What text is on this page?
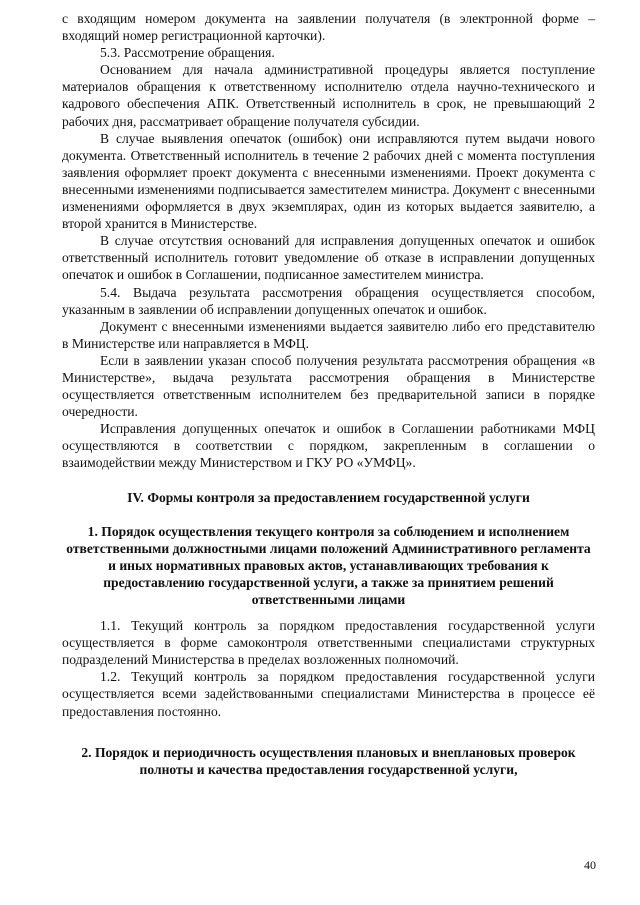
с входящим номером документа на заявлении получателя (в электронной форме – входящий номер регистрационной карточки).

5.3. Рассмотрение обращения.

Основанием для начала административной процедуры является поступление материалов обращения к ответственному исполнителю отдела научно-технического и кадрового обеспечения АПК. Ответственный исполнитель в срок, не превышающий 2 рабочих дня, рассматривает обращение получателя субсидии.

В случае выявления опечаток (ошибок) они исправляются путем выдачи нового документа. Ответственный исполнитель в течение 2 рабочих дней с момента поступления заявления оформляет проект документа с внесенными изменениями. Проект документа с внесенными изменениями подписывается заместителем министра. Документ с внесенными изменениями оформляется в двух экземплярах, один из которых выдается заявителю, а второй хранится в Министерстве.

В случае отсутствия оснований для исправления допущенных опечаток и ошибок ответственный исполнитель готовит уведомление об отказе в исправлении допущенных опечаток и ошибок в Соглашении, подписанное заместителем министра.

5.4. Выдача результата рассмотрения обращения осуществляется способом, указанным в заявлении об исправлении допущенных опечаток и ошибок.

Документ с внесенными изменениями выдается заявителю либо его представителю в Министерстве или направляется в МФЦ.

Если в заявлении указан способ получения результата рассмотрения обращения «в Министерстве», выдача результата рассмотрения обращения в Министерстве осуществляется ответственным исполнителем без предварительной записи в порядке очередности.

Исправления допущенных опечаток и ошибок в Соглашении работниками МФЦ осуществляются в соответствии с порядком, закрепленным в соглашении о взаимодействии между Министерством и ГКУ РО «УМФЦ».

IV. Формы контроля за предоставлением государственной услуги

1. Порядок осуществления текущего контроля за соблюдением и исполнением ответственными должностными лицами положений Административного регламента и иных нормативных правовых актов, устанавливающих требования к предоставлению государственной услуги, а также за принятием решений ответственными лицами

1.1. Текущий контроль за порядком предоставления государственной услуги осуществляется в форме самоконтроля ответственными специалистами структурных подразделений Министерства в пределах возложенных полномочий.

1.2. Текущий контроль за порядком предоставления государственной услуги осуществляется всеми задействованными специалистами Министерства в процессе её предоставления постоянно.

2. Порядок и периодичность осуществления плановых и внеплановых проверок полноты и качества предоставления государственной услуги,

40
